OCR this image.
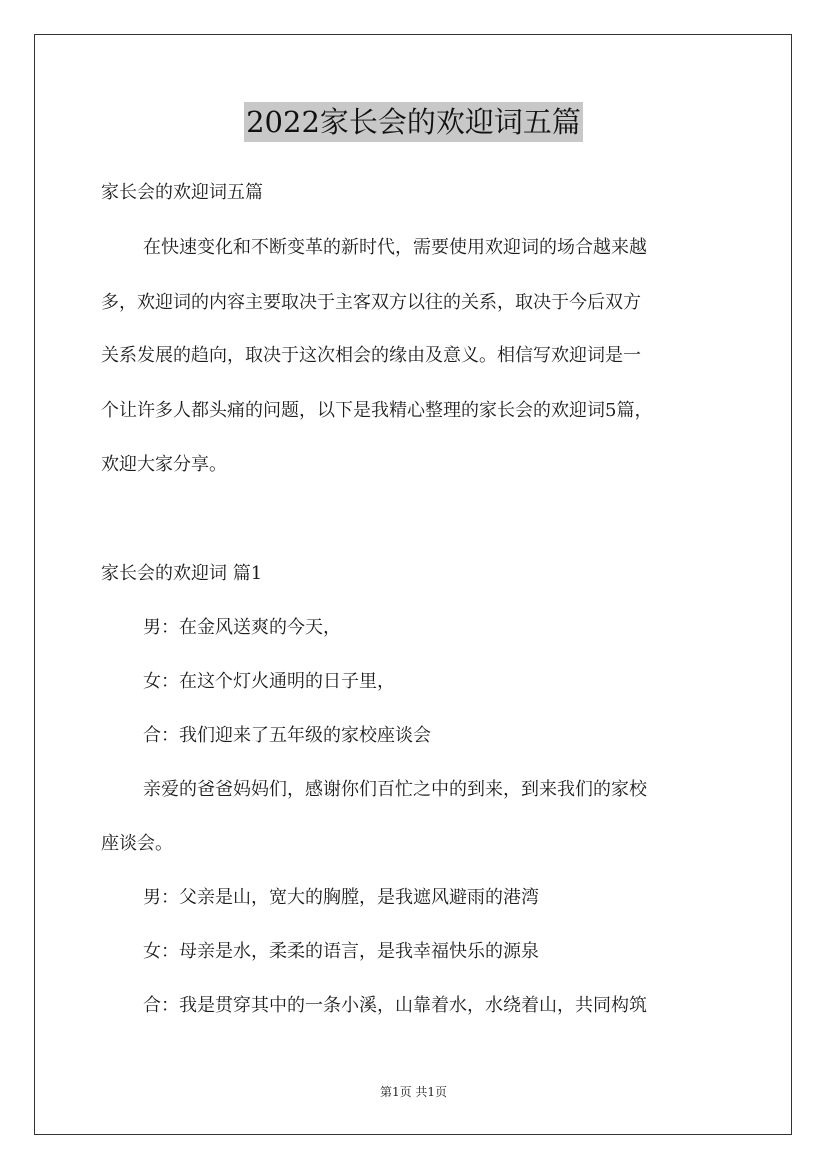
2022家长会的欢迎词五篇
家长会的欢迎词五篇
在快速变化和不断变革的新时代，需要使用欢迎词的场合越来越
多，欢迎词的内容主要取决于主客双方以往的关系，取决于今后双方
关系发展的趋向，取决于这次相会的缘由及意义。相信写欢迎词是一
个让许多人都头痛的问题，以下是我精心整理的家长会的欢迎词5篇，
欢迎大家分享。
家长会的欢迎词 篇1
男：在金风送爽的今天，
女：在这个灯火通明的日子里，
合：我们迎来了五年级的家校座谈会
亲爱的爸爸妈妈们，感谢你们百忙之中的到来，到来我们的家校
座谈会。
男：父亲是山，宽大的胸膛，是我遮风避雨的港湾
女：母亲是水，柔柔的语言，是我幸福快乐的源泉
合：我是贯穿其中的一条小溪，山靠着水，水绕着山，共同构筑
第1页 共1页
